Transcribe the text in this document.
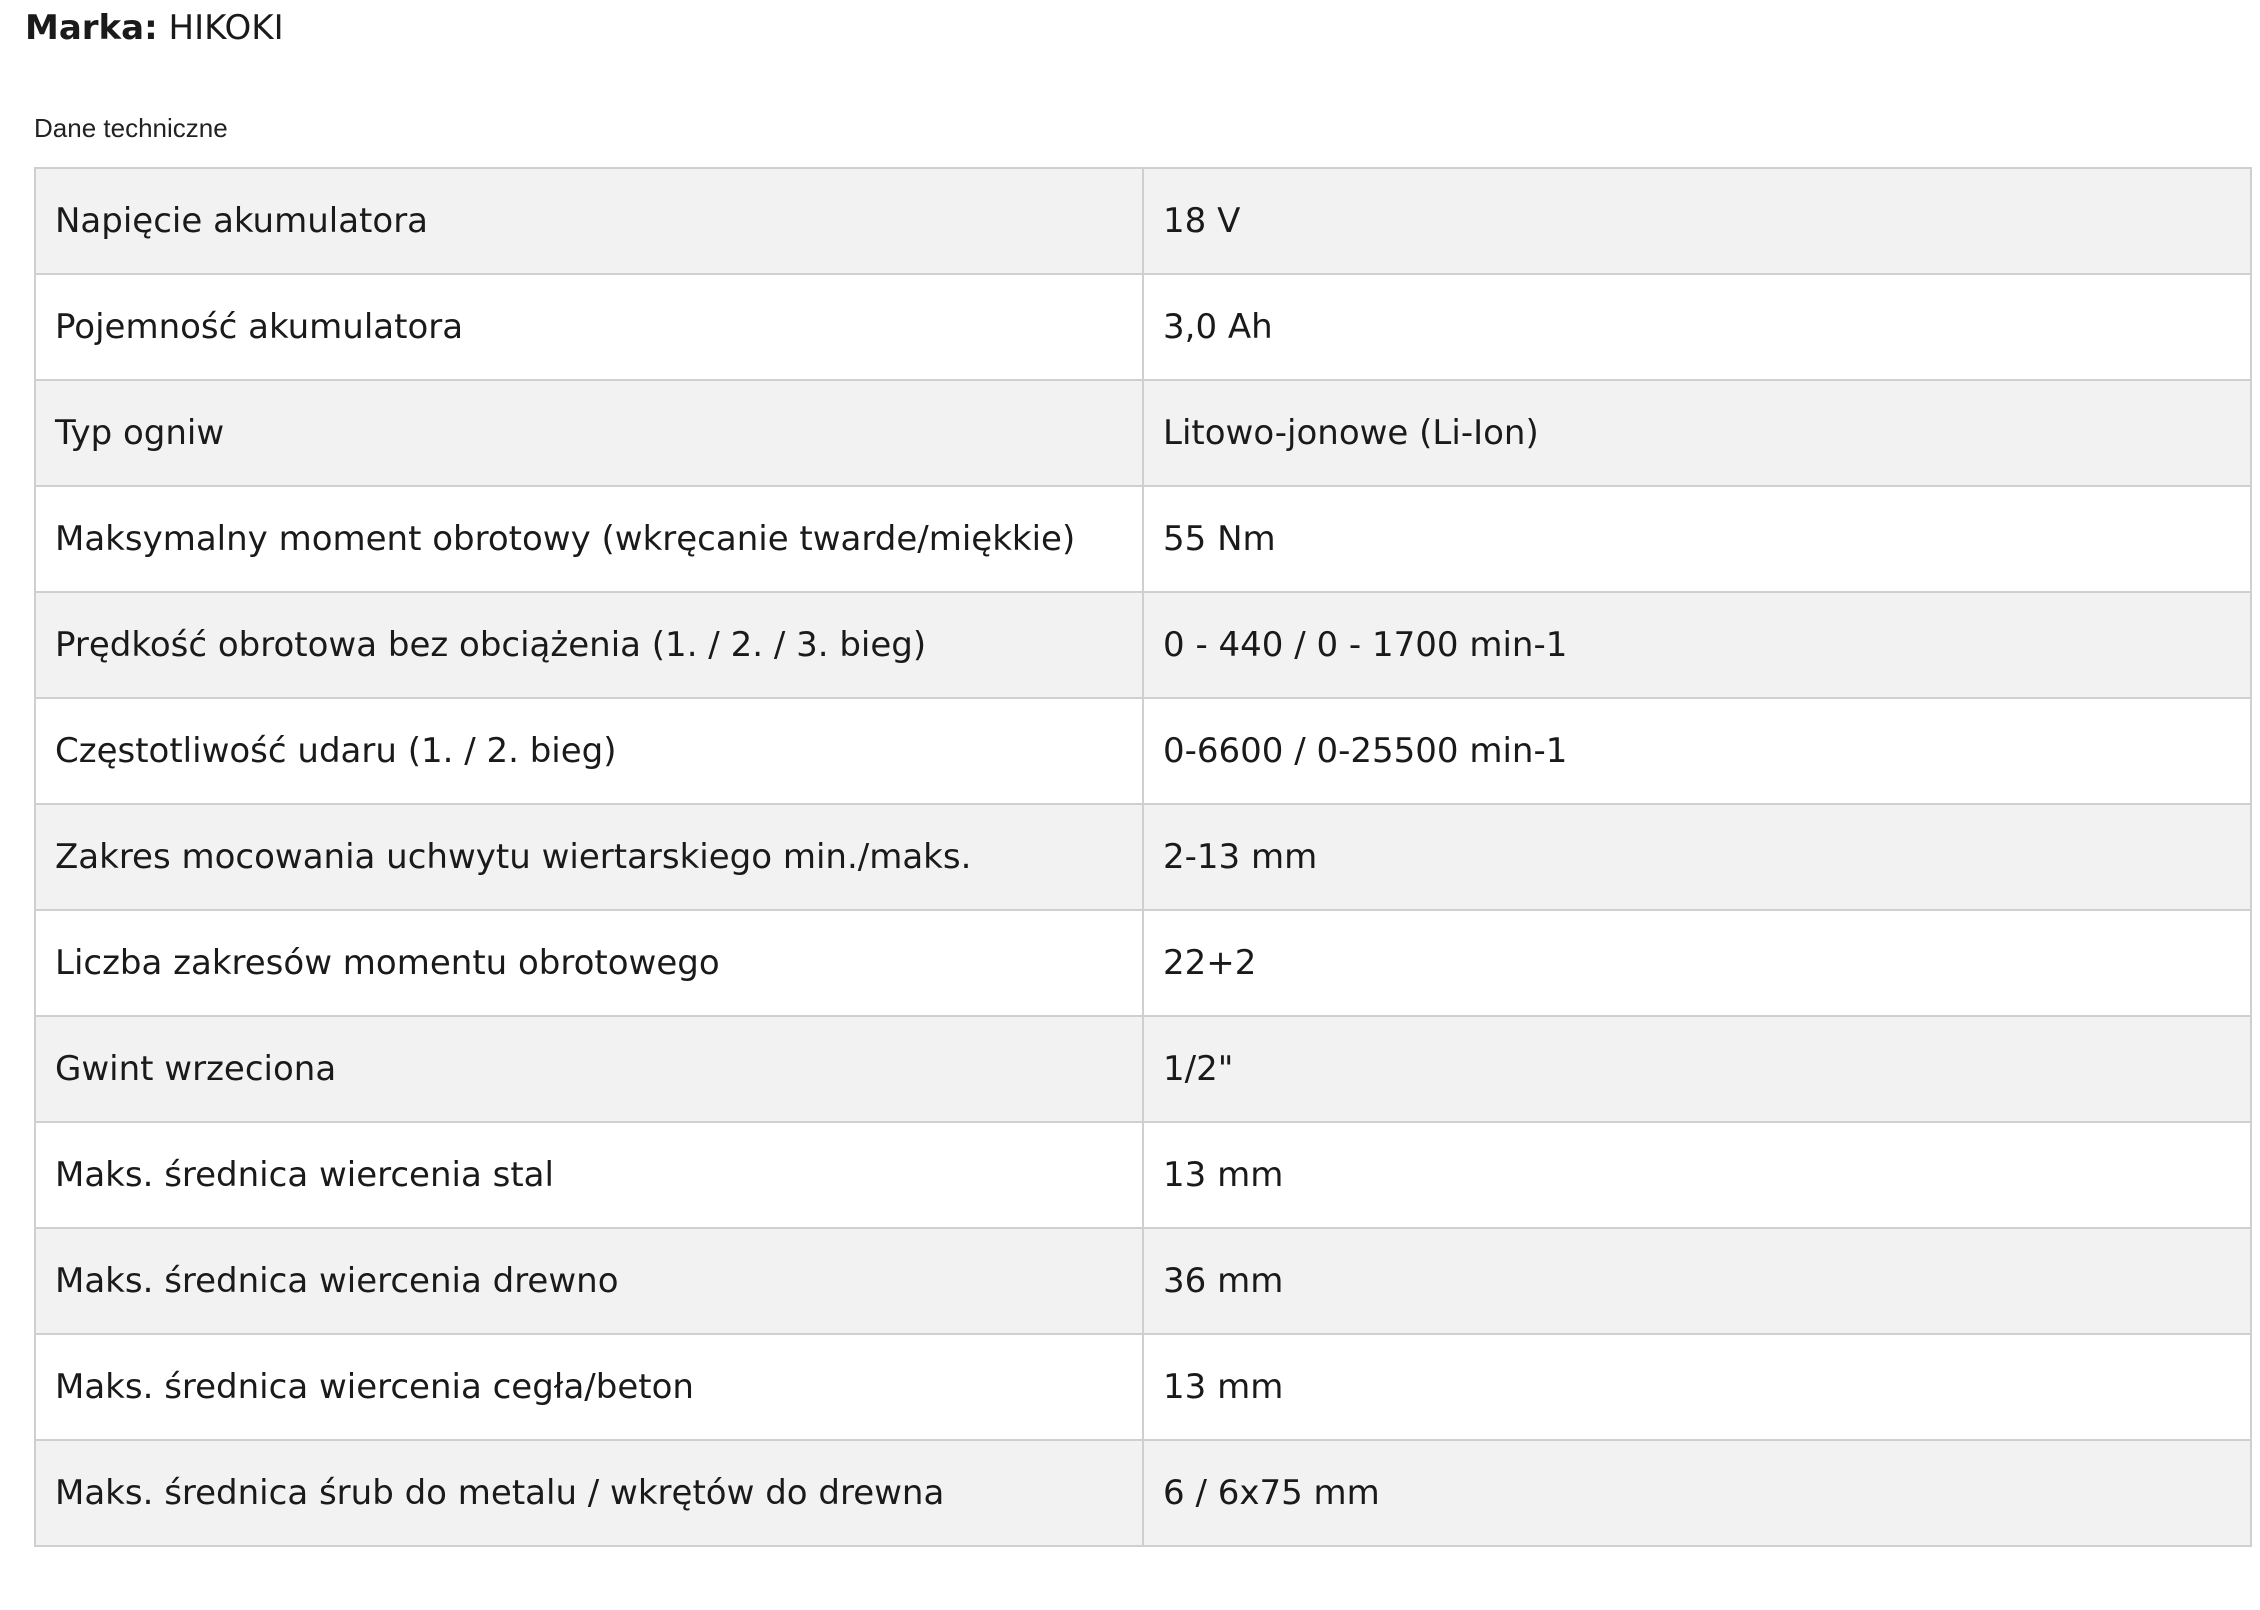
Marka: HIKOKI
Dane techniczne
Napięcie akumulatora	18 V
Pojemność akumulatora	3,0 Ah
Typ ogniw	Litowo-jonowe (Li-Ion)
Maksymalny moment obrotowy (wkręcanie twarde/miękkie)	55 Nm
Prędkość obrotowa bez obciążenia (1. / 2. / 3. bieg)	0 - 440 / 0 - 1700 min-1
Częstotliwość udaru (1. / 2. bieg)	0-6600 / 0-25500 min-1
Zakres mocowania uchwytu wiertarskiego min./maks.	2-13 mm
Liczba zakresów momentu obrotowego	22+2
Gwint wrzeciona	1/2"
Maks. średnica wiercenia stal	13 mm
Maks. średnica wiercenia drewno	36 mm
Maks. średnica wiercenia cegła/beton	13 mm
Maks. średnica śrub do metalu / wkrętów do drewna	6 / 6x75 mm
